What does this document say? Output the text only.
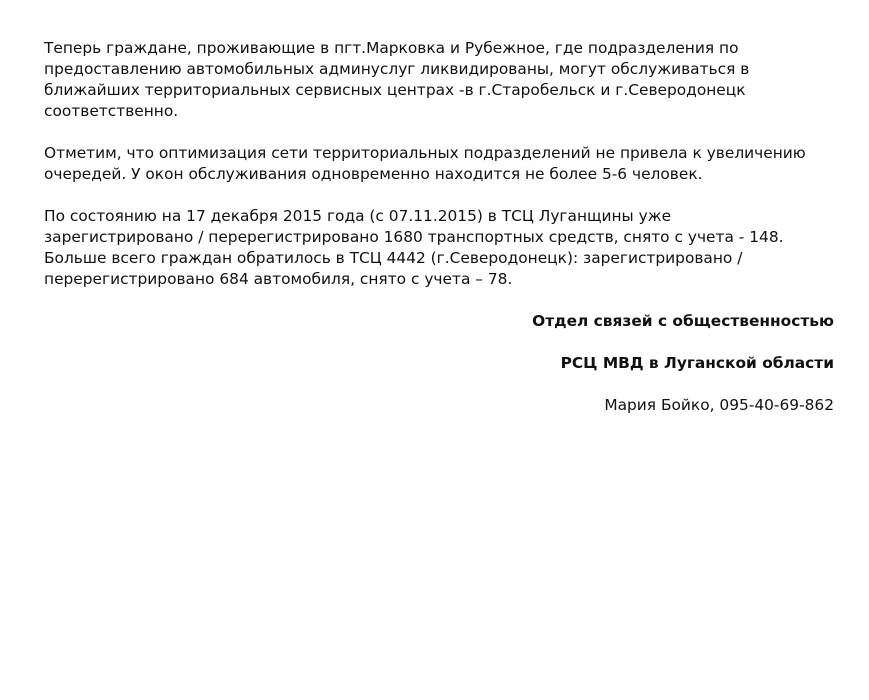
Теперь граждане, проживающие в пгт.Марковка и Рубежное, где подразделения по
предоставлению автомобильных админуслуг ликвидированы, могут обслуживаться в
ближайших территориальных сервисных центрах -в г.Старобельск и г.Северодонецк
соответственно.
Отметим, что оптимизация сети территориальных подразделений не привела к увеличению
очередей. У окон обслуживания одновременно находится не более 5-6 человек.
По состоянию на 17 декабря 2015 года (с 07.11.2015) в ТСЦ Луганщины уже
зарегистрировано / перерегистрировано 1680 транспортных средств, снято с учета - 148.
Больше всего граждан обратилось в ТСЦ 4442 (г.Северодонецк): зарегистрировано /
перерегистрировано 684 автомобиля, снято с учета – 78.
Отдел связей с общественностью
РСЦ МВД в Луганской области
Мария Бойко, 095-40-69-862
